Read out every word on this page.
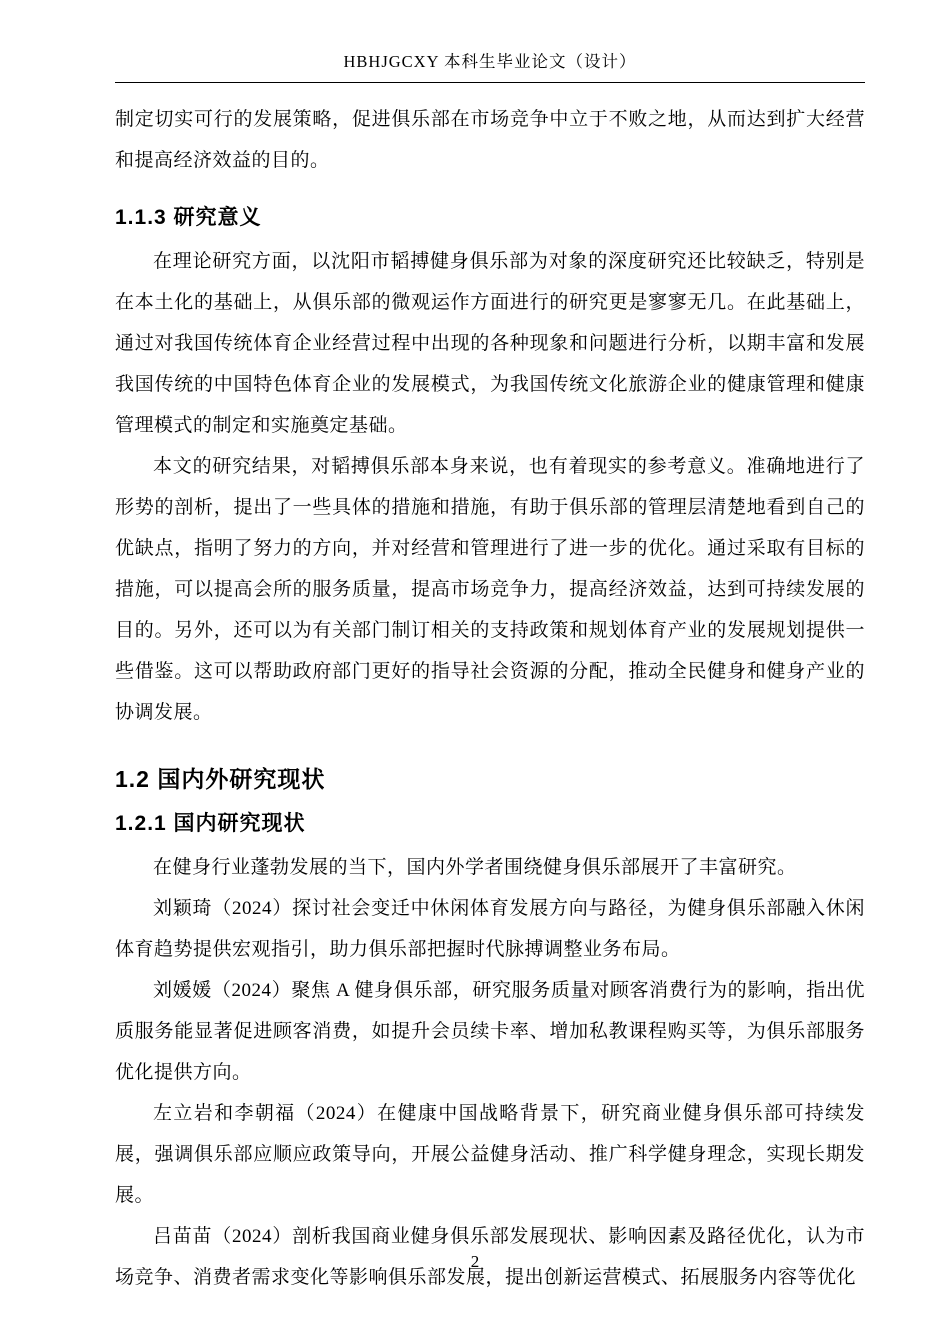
HBHJGCXY 本科生毕业论文（设计）

制定切实可行的发展策略，促进俱乐部在市场竞争中立于不败之地，从而达到扩大经营和提高经济效益的目的。

1.1.3 研究意义

在理论研究方面，以沈阳市韬搏健身俱乐部为对象的深度研究还比较缺乏，特别是在本土化的基础上，从俱乐部的微观运作方面进行的研究更是寥寥无几。在此基础上，通过对我国传统体育企业经营过程中出现的各种现象和问题进行分析，以期丰富和发展我国传统的中国特色体育企业的发展模式，为我国传统文化旅游企业的健康管理和健康管理模式的制定和实施奠定基础。

本文的研究结果，对韬搏俱乐部本身来说，也有着现实的参考意义。准确地进行了形势的剖析，提出了一些具体的措施和措施，有助于俱乐部的管理层清楚地看到自己的优缺点，指明了努力的方向，并对经营和管理进行了进一步的优化。通过采取有目标的措施，可以提高会所的服务质量，提高市场竞争力，提高经济效益，达到可持续发展的目的。另外，还可以为有关部门制订相关的支持政策和规划体育产业的发展规划提供一些借鉴。这可以帮助政府部门更好的指导社会资源的分配，推动全民健身和健身产业的协调发展。

1.2 国内外研究现状
1.2.1 国内研究现状

在健身行业蓬勃发展的当下，国内外学者围绕健身俱乐部展开了丰富研究。

刘颖琦（2024）探讨社会变迁中休闲体育发展方向与路径，为健身俱乐部融入休闲体育趋势提供宏观指引，助力俱乐部把握时代脉搏调整业务布局。

刘媛媛（2024）聚焦 A 健身俱乐部，研究服务质量对顾客消费行为的影响，指出优质服务能显著促进顾客消费，如提升会员续卡率、增加私教课程购买等，为俱乐部服务优化提供方向。

左立岩和李朝福（2024）在健康中国战略背景下，研究商业健身俱乐部可持续发展，强调俱乐部应顺应政策导向，开展公益健身活动、推广科学健身理念，实现长期发展。

吕苗苗（2024）剖析我国商业健身俱乐部发展现状、影响因素及路径优化，认为市场竞争、消费者需求变化等影响俱乐部发展，提出创新运营模式、拓展服务内容等优化

2
